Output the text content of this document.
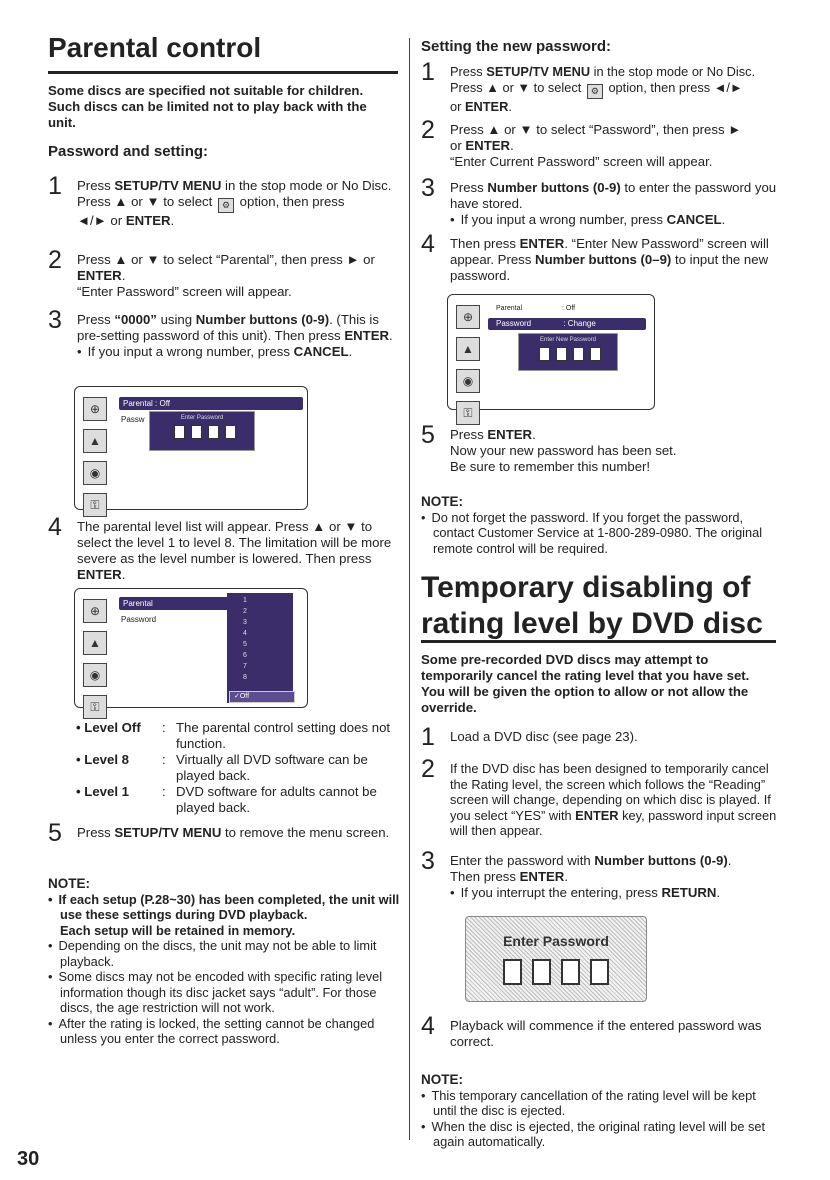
Parental control
Some discs are specified not suitable for children. Such discs can be limited not to play back with the unit.
Password and setting:
1 Press SETUP/TV MENU in the stop mode or No Disc.

Press ▲ or ▼ to select ⚙ option, then press

◄/► or ENTER.

2 Press ▲ or ▼ to select “Parental”, then press ► or ENTER.

“Enter Password” screen will appear.

3 Press “0000” using Number buttons (0-9). (This is pre-setting password of this unit). Then press ENTER.

• If you input a wrong number, press CANCEL.

⊕
▲
◉
⚿
Parental : Off
Passw	Enter Password
4 The parental level list will appear. Press ▲ or ▼ to select the level 1 to level 8. The limitation will be more severe as the level number is lowered. Then press ENTER.

⊕
▲
◉
⚿
Parental
Password
1
2
3
4
5
6
7
8
✓Off
• Level Off : The parental control setting does not function.
• Level 8 : Virtually all DVD software can be played back.
• Level 1 : DVD software for adults cannot be played back.
5 Press SETUP/TV MENU to remove the menu screen.

NOTE:
• If each setup (P.28~30) has been completed, the unit will use these settings during DVD playback.
Each setup will be retained in memory.
• Depending on the discs, the unit may not be able to limit playback.
• Some discs may not be encoded with specific rating level information though its disc jacket says “adult”. For those discs, the age restriction will not work.
• After the rating is locked, the setting cannot be changed unless you enter the correct password.
30
Setting the new password:
1 Press SETUP/TV MENU in the stop mode or No Disc.

Press ▲ or ▼ to select ⚙ option, then press ◄/►

or ENTER.

2 Press ▲ or ▼ to select “Password”, then press ►

or ENTER.

“Enter Current Password” screen will appear.

3 Press Number buttons (0-9) to enter the password you have stored.

• If you input a wrong number, press CANCEL.

4 Then press ENTER. “Enter New Password” screen will appear. Press Number buttons (0–9) to input the new password.

⊕
▲
◉
⚿
Parental	: Off
Password	: Change
Enter New Password
5 Press ENTER.

Now your new password has been set.

Be sure to remember this number!

NOTE:
• Do not forget the password. If you forget the password, contact Customer Service at 1-800-289-0980. The original remote control will be required.
Temporary disabling of rating level by DVD disc
Some pre-recorded DVD discs may attempt to temporarily cancel the rating level that you have set. You will be given the option to allow or not allow the override.
1 Load a DVD disc (see page 23).

2 If the DVD disc has been designed to temporarily cancel the Rating level, the screen which follows the “Reading” screen will change, depending on which disc is played. If you select “YES” with ENTER key, password input screen will then appear.

3 Enter the password with Number buttons (0-9).

Then press ENTER.

• If you interrupt the entering, press RETURN.

Enter Password
4 Playback will commence if the entered password was correct.

NOTE:
• This temporary cancellation of the rating level will be kept until the disc is ejected.
• When the disc is ejected, the original rating level will be set again automatically.
